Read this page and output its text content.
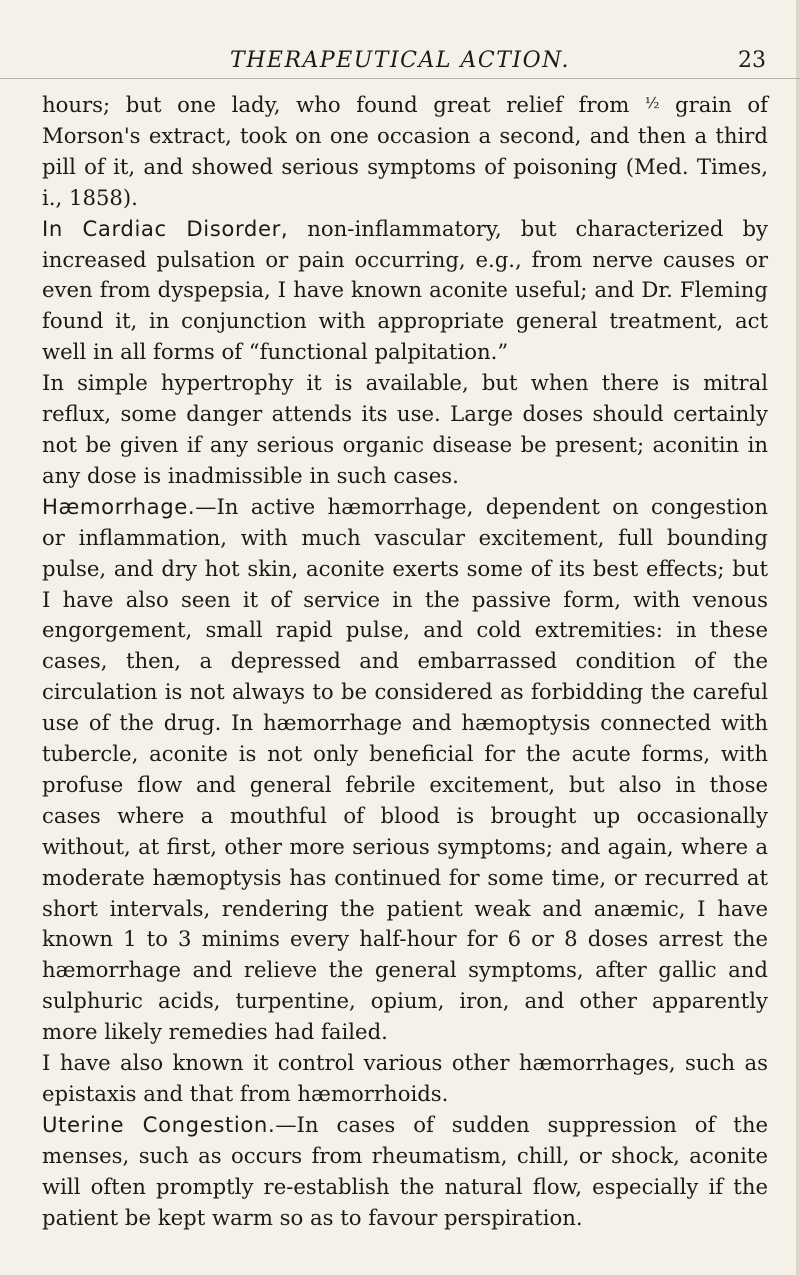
THERAPEUTICAL ACTION.	23

hours; but one lady, who found great relief from ½ grain of Morson's extract, took on one occasion a second, and then a third pill of it, and showed serious symptoms of poisoning (Med. Times, i., 1858).

In Cardiac Disorder, non-inflammatory, but characterized by increased pulsation or pain occurring, e.g., from nerve causes or even from dyspepsia, I have known aconite useful; and Dr. Fleming found it, in conjunction with appropriate general treatment, act well in all forms of “functional palpitation.”

In simple hypertrophy it is available, but when there is mitral reflux, some danger attends its use. Large doses should certainly not be given if any serious organic disease be present; aconitin in any dose is inadmissible in such cases.

Hæmorrhage.—In active hæmorrhage, dependent on congestion or inflammation, with much vascular excitement, full bounding pulse, and dry hot skin, aconite exerts some of its best effects; but I have also seen it of service in the passive form, with venous engorgement, small rapid pulse, and cold extremities: in these cases, then, a depressed and embarrassed condition of the circulation is not always to be considered as forbidding the careful use of the drug. In hæmorrhage and hæmoptysis connected with tubercle, aconite is not only beneficial for the acute forms, with profuse flow and general febrile excitement, but also in those cases where a mouthful of blood is brought up occasionally without, at first, other more serious symptoms; and again, where a moderate hæmoptysis has continued for some time, or recurred at short intervals, rendering the patient weak and anæmic, I have known 1 to 3 minims every half-hour for 6 or 8 doses arrest the hæmorrhage and relieve the general symptoms, after gallic and sulphuric acids, turpentine, opium, iron, and other apparently more likely remedies had failed.

I have also known it control various other hæmorrhages, such as epistaxis and that from hæmorrhoids.

Uterine Congestion.—In cases of sudden suppression of the menses, such as occurs from rheumatism, chill, or shock, aconite will often promptly re-establish the natural flow, especially if the patient be kept warm so as to favour perspiration.
